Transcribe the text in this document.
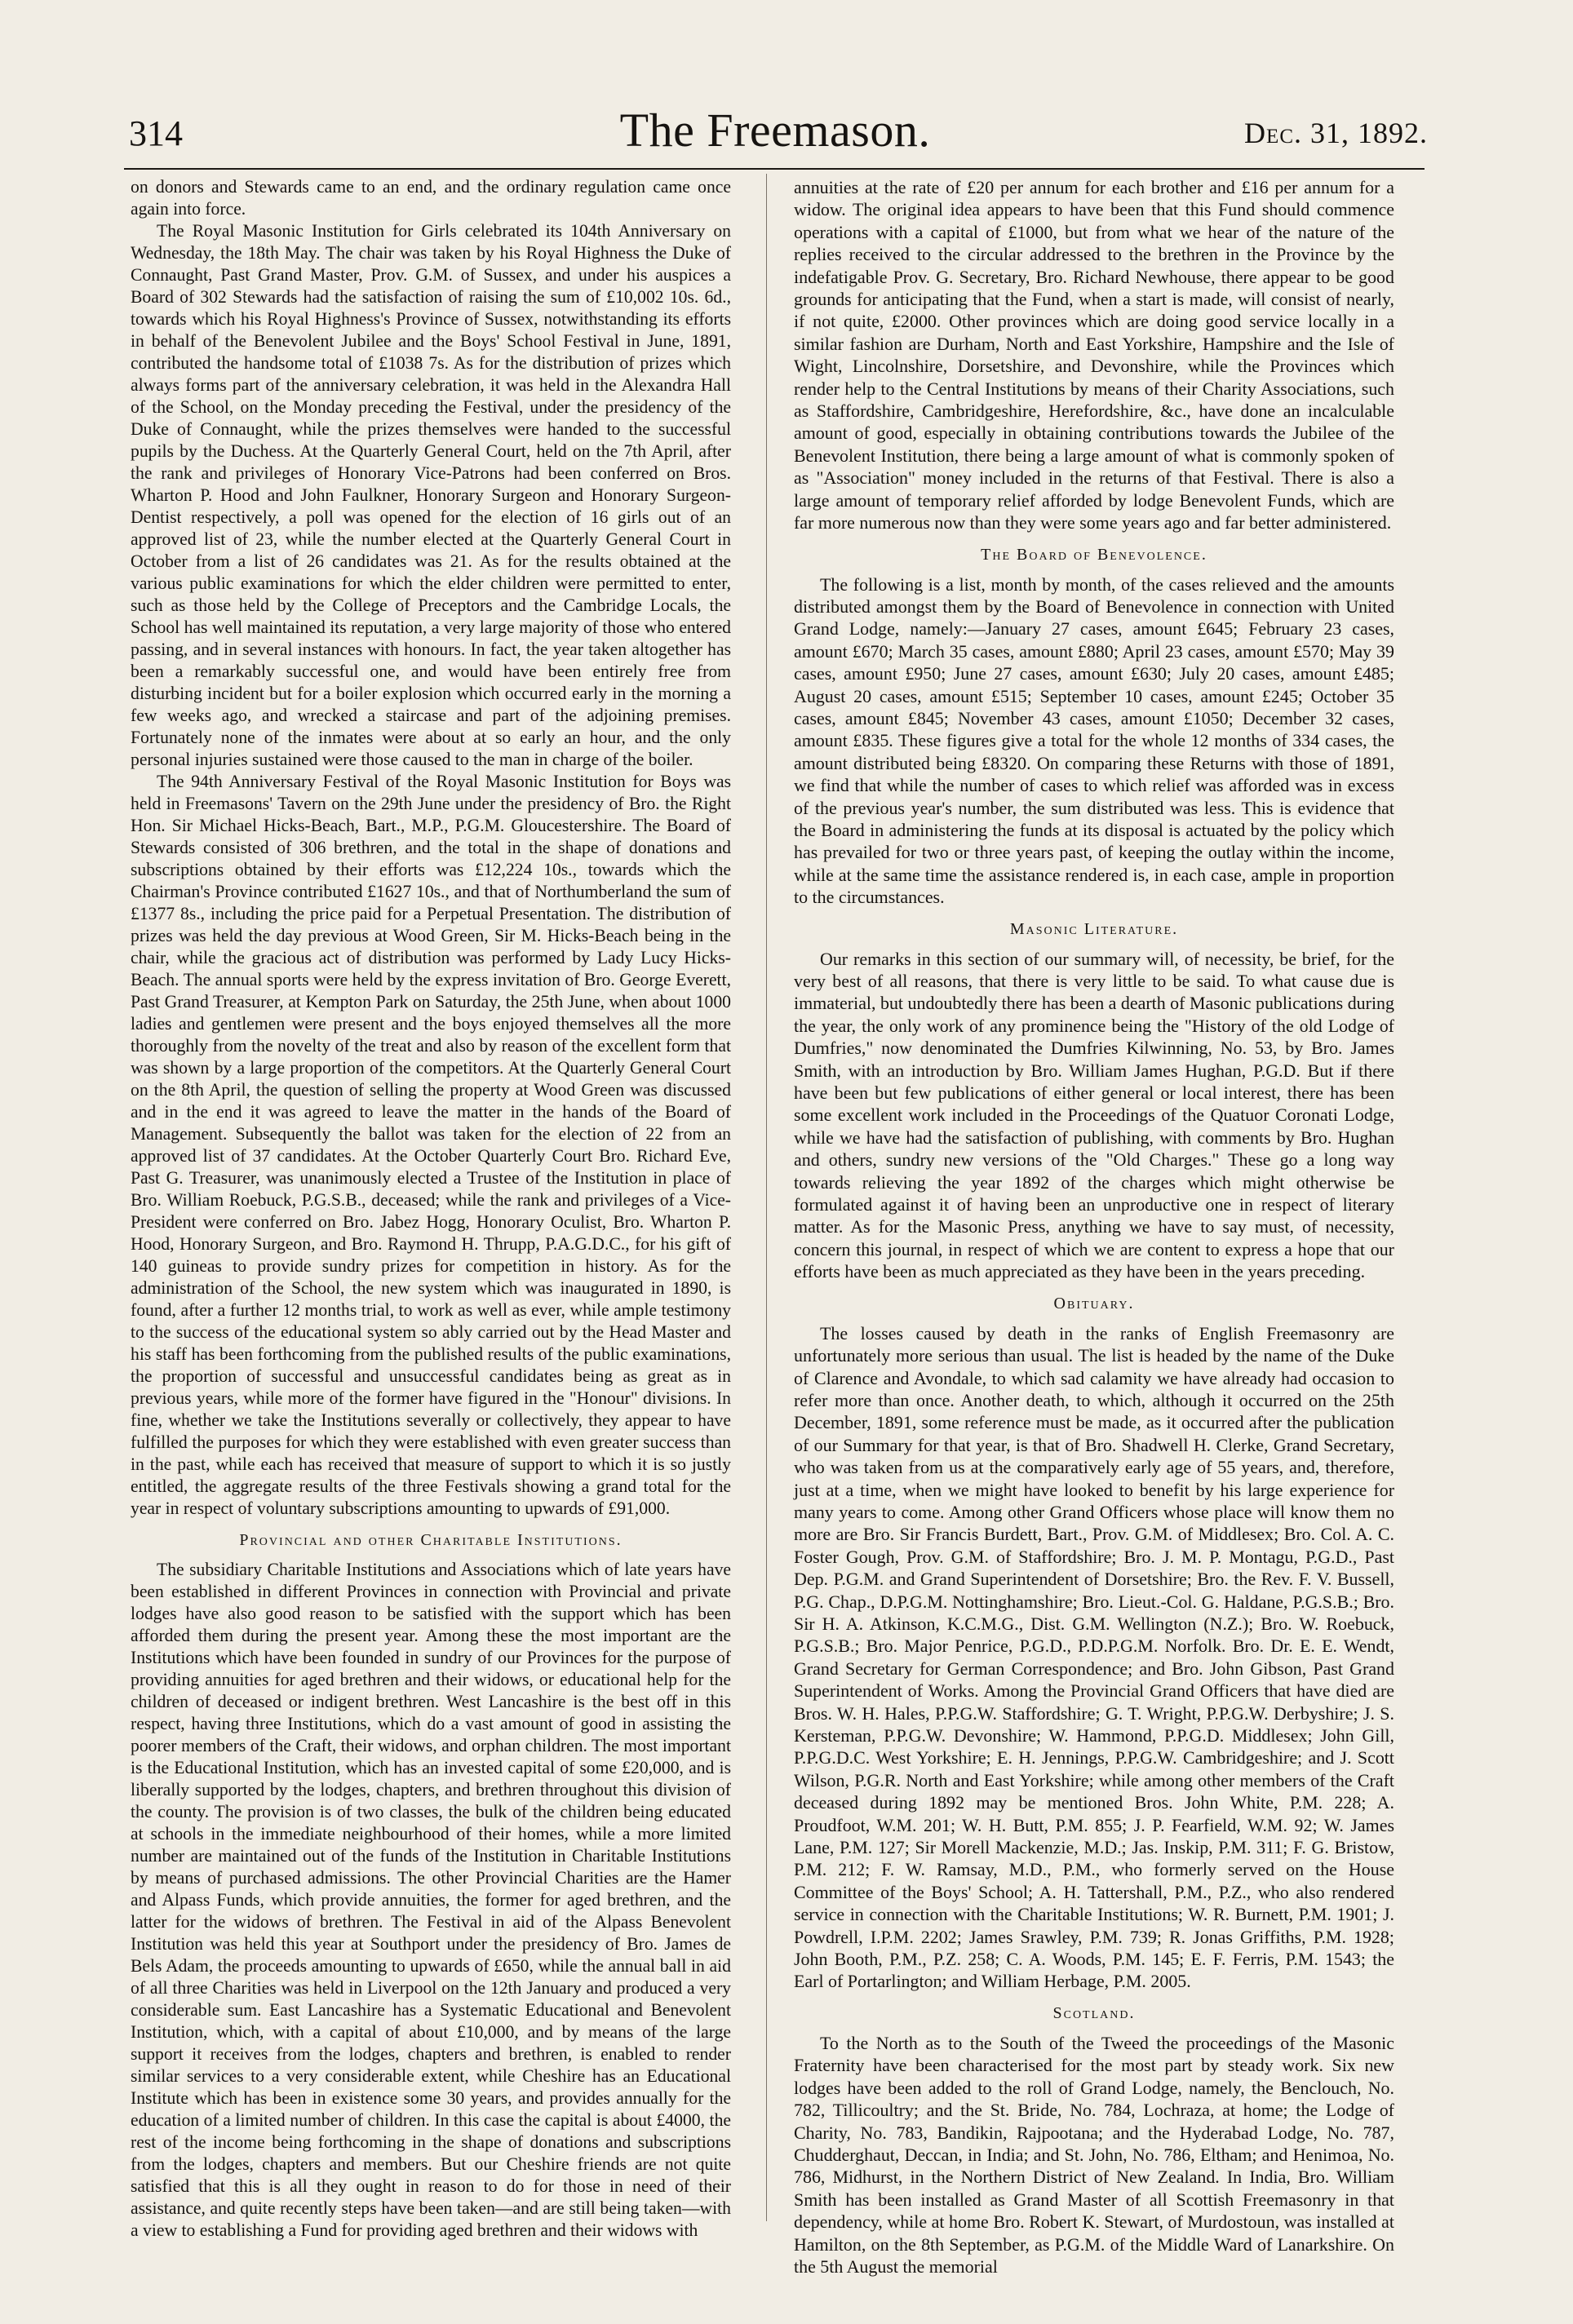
314	The Freemason.	Dec. 31, 1892.

on donors and Stewards came to an end, and the ordinary regulation came once again into force.

The Royal Masonic Institution for Girls celebrated its 104th Anniversary on Wednesday, the 18th May. The chair was taken by his Royal Highness the Duke of Connaught, Past Grand Master, Prov. G.M. of Sussex, and under his auspices a Board of 302 Stewards had the satisfaction of raising the sum of £10,002 10s. 6d., towards which his Royal Highness's Province of Sussex, notwithstanding its efforts in behalf of the Benevolent Jubilee and the Boys' School Festival in June, 1891, contributed the handsome total of £1038 7s. As for the distribution of prizes which always forms part of the anniversary celebration, it was held in the Alexandra Hall of the School, on the Monday preceding the Festival, under the presidency of the Duke of Connaught, while the prizes themselves were handed to the successful pupils by the Duchess. At the Quarterly General Court, held on the 7th April, after the rank and privileges of Honorary Vice-Patrons had been conferred on Bros. Wharton P. Hood and John Faulkner, Honorary Surgeon and Honorary Surgeon-Dentist respectively, a poll was opened for the election of 16 girls out of an approved list of 23, while the number elected at the Quarterly General Court in October from a list of 26 candidates was 21. As for the results obtained at the various public examinations for which the elder children were permitted to enter, such as those held by the College of Preceptors and the Cambridge Locals, the School has well maintained its reputation, a very large majority of those who entered passing, and in several instances with honours. In fact, the year taken altogether has been a remarkably successful one, and would have been entirely free from disturbing incident but for a boiler explosion which occurred early in the morning a few weeks ago, and wrecked a staircase and part of the adjoining premises. Fortunately none of the inmates were about at so early an hour, and the only personal injuries sustained were those caused to the man in charge of the boiler.

The 94th Anniversary Festival of the Royal Masonic Institution for Boys was held in Freemasons' Tavern on the 29th June under the presidency of Bro. the Right Hon. Sir Michael Hicks-Beach, Bart., M.P., P.G.M. Gloucestershire. The Board of Stewards consisted of 306 brethren, and the total in the shape of donations and subscriptions obtained by their efforts was £12,224 10s., towards which the Chairman's Province contributed £1627 10s., and that of Northumberland the sum of £1377 8s., including the price paid for a Perpetual Presentation. The distribution of prizes was held the day previous at Wood Green, Sir M. Hicks-Beach being in the chair, while the gracious act of distribution was performed by Lady Lucy Hicks-Beach. The annual sports were held by the express invitation of Bro. George Everett, Past Grand Treasurer, at Kempton Park on Saturday, the 25th June, when about 1000 ladies and gentlemen were present and the boys enjoyed themselves all the more thoroughly from the novelty of the treat and also by reason of the excellent form that was shown by a large proportion of the competitors. At the Quarterly General Court on the 8th April, the question of selling the property at Wood Green was discussed and in the end it was agreed to leave the matter in the hands of the Board of Management. Subsequently the ballot was taken for the election of 22 from an approved list of 37 candidates. At the October Quarterly Court Bro. Richard Eve, Past G. Treasurer, was unanimously elected a Trustee of the Institution in place of Bro. William Roebuck, P.G.S.B., deceased; while the rank and privileges of a Vice-President were conferred on Bro. Jabez Hogg, Honorary Oculist, Bro. Wharton P. Hood, Honorary Surgeon, and Bro. Raymond H. Thrupp, P.A.G.D.C., for his gift of 140 guineas to provide sundry prizes for competition in history. As for the administration of the School, the new system which was inaugurated in 1890, is found, after a further 12 months trial, to work as well as ever, while ample testimony to the success of the educational system so ably carried out by the Head Master and his staff has been forthcoming from the published results of the public examinations, the proportion of successful and unsuccessful candidates being as great as in previous years, while more of the former have figured in the "Honour" divisions. In fine, whether we take the Institutions severally or collectively, they appear to have fulfilled the purposes for which they were established with even greater success than in the past, while each has received that measure of support to which it is so justly entitled, the aggregate results of the three Festivals showing a grand total for the year in respect of voluntary subscriptions amounting to upwards of £91,000.

Provincial and other Charitable Institutions.

The subsidiary Charitable Institutions and Associations which of late years have been established in different Provinces in connection with Provincial and private lodges have also good reason to be satisfied with the support which has been afforded them during the present year. Among these the most important are the Institutions which have been founded in sundry of our Provinces for the purpose of providing annuities for aged brethren and their widows, or educational help for the children of deceased or indigent brethren. West Lancashire is the best off in this respect, having three Institutions, which do a vast amount of good in assisting the poorer members of the Craft, their widows, and orphan children. The most important is the Educational Institution, which has an invested capital of some £20,000, and is liberally supported by the lodges, chapters, and brethren throughout this division of the county. The provision is of two classes, the bulk of the children being educated at schools in the immediate neighbourhood of their homes, while a more limited number are maintained out of the funds of the Institution in Charitable Institutions by means of purchased admissions. The other Provincial Charities are the Hamer and Alpass Funds, which provide annuities, the former for aged brethren, and the latter for the widows of brethren. The Festival in aid of the Alpass Benevolent Institution was held this year at Southport under the presidency of Bro. James de Bels Adam, the proceeds amounting to upwards of £650, while the annual ball in aid of all three Charities was held in Liverpool on the 12th January and produced a very considerable sum. East Lancashire has a Systematic Educational and Benevolent Institution, which, with a capital of about £10,000, and by means of the large support it receives from the lodges, chapters and brethren, is enabled to render similar services to a very considerable extent, while Cheshire has an Educational Institute which has been in existence some 30 years, and provides annually for the education of a limited number of children. In this case the capital is about £4000, the rest of the income being forthcoming in the shape of donations and subscriptions from the lodges, chapters and members. But our Cheshire friends are not quite satisfied that this is all they ought in reason to do for those in need of their assistance, and quite recently steps have been taken—and are still being taken—with a view to establishing a Fund for providing aged brethren and their widows with

annuities at the rate of £20 per annum for each brother and £16 per annum for a widow. The original idea appears to have been that this Fund should commence operations with a capital of £1000, but from what we hear of the nature of the replies received to the circular addressed to the brethren in the Province by the indefatigable Prov. G. Secretary, Bro. Richard Newhouse, there appear to be good grounds for anticipating that the Fund, when a start is made, will consist of nearly, if not quite, £2000. Other provinces which are doing good service locally in a similar fashion are Durham, North and East Yorkshire, Hampshire and the Isle of Wight, Lincolnshire, Dorsetshire, and Devonshire, while the Provinces which render help to the Central Institutions by means of their Charity Associations, such as Staffordshire, Cambridgeshire, Herefordshire, &c., have done an incalculable amount of good, especially in obtaining contributions towards the Jubilee of the Benevolent Institution, there being a large amount of what is commonly spoken of as "Association" money included in the returns of that Festival. There is also a large amount of temporary relief afforded by lodge Benevolent Funds, which are far more numerous now than they were some years ago and far better administered.

The Board of Benevolence.

The following is a list, month by month, of the cases relieved and the amounts distributed amongst them by the Board of Benevolence in connection with United Grand Lodge, namely:—January 27 cases, amount £645; February 23 cases, amount £670; March 35 cases, amount £880; April 23 cases, amount £570; May 39 cases, amount £950; June 27 cases, amount £630; July 20 cases, amount £485; August 20 cases, amount £515; September 10 cases, amount £245; October 35 cases, amount £845; November 43 cases, amount £1050; December 32 cases, amount £835. These figures give a total for the whole 12 months of 334 cases, the amount distributed being £8320. On comparing these Returns with those of 1891, we find that while the number of cases to which relief was afforded was in excess of the previous year's number, the sum distributed was less. This is evidence that the Board in administering the funds at its disposal is actuated by the policy which has prevailed for two or three years past, of keeping the outlay within the income, while at the same time the assistance rendered is, in each case, ample in proportion to the circumstances.

Masonic Literature.

Our remarks in this section of our summary will, of necessity, be brief, for the very best of all reasons, that there is very little to be said. To what cause due is immaterial, but undoubtedly there has been a dearth of Masonic publications during the year, the only work of any prominence being the "History of the old Lodge of Dumfries," now denominated the Dumfries Kilwinning, No. 53, by Bro. James Smith, with an introduction by Bro. William James Hughan, P.G.D. But if there have been but few publications of either general or local interest, there has been some excellent work included in the Proceedings of the Quatuor Coronati Lodge, while we have had the satisfaction of publishing, with comments by Bro. Hughan and others, sundry new versions of the "Old Charges." These go a long way towards relieving the year 1892 of the charges which might otherwise be formulated against it of having been an unproductive one in respect of literary matter. As for the Masonic Press, anything we have to say must, of necessity, concern this journal, in respect of which we are content to express a hope that our efforts have been as much appreciated as they have been in the years preceding.

Obituary.

The losses caused by death in the ranks of English Freemasonry are unfortunately more serious than usual. The list is headed by the name of the Duke of Clarence and Avondale, to which sad calamity we have already had occasion to refer more than once. Another death, to which, although it occurred on the 25th December, 1891, some reference must be made, as it occurred after the publication of our Summary for that year, is that of Bro. Shadwell H. Clerke, Grand Secretary, who was taken from us at the comparatively early age of 55 years, and, therefore, just at a time, when we might have looked to benefit by his large experience for many years to come. Among other Grand Officers whose place will know them no more are Bro. Sir Francis Burdett, Bart., Prov. G.M. of Middlesex; Bro. Col. A. C. Foster Gough, Prov. G.M. of Staffordshire; Bro. J. M. P. Montagu, P.G.D., Past Dep. P.G.M. and Grand Superintendent of Dorsetshire; Bro. the Rev. F. V. Bussell, P.G. Chap., D.P.G.M. Nottinghamshire; Bro. Lieut.-Col. G. Haldane, P.G.S.B.; Bro. Sir H. A. Atkinson, K.C.M.G., Dist. G.M. Wellington (N.Z.); Bro. W. Roebuck, P.G.S.B.; Bro. Major Penrice, P.G.D., P.D.P.G.M. Norfolk. Bro. Dr. E. E. Wendt, Grand Secretary for German Correspondence; and Bro. John Gibson, Past Grand Superintendent of Works. Among the Provincial Grand Officers that have died are Bros. W. H. Hales, P.P.G.W. Staffordshire; G. T. Wright, P.P.G.W. Derbyshire; J. S. Kersteman, P.P.G.W. Devonshire; W. Hammond, P.P.G.D. Middlesex; John Gill, P.P.G.D.C. West Yorkshire; E. H. Jennings, P.P.G.W. Cambridgeshire; and J. Scott Wilson, P.G.R. North and East Yorkshire; while among other members of the Craft deceased during 1892 may be mentioned Bros. John White, P.M. 228; A. Proudfoot, W.M. 201; W. H. Butt, P.M. 855; J. P. Fearfield, W.M. 92; W. James Lane, P.M. 127; Sir Morell Mackenzie, M.D.; Jas. Inskip, P.M. 311; F. G. Bristow, P.M. 212; F. W. Ramsay, M.D., P.M., who formerly served on the House Committee of the Boys' School; A. H. Tattershall, P.M., P.Z., who also rendered service in connection with the Charitable Institutions; W. R. Burnett, P.M. 1901; J. Powdrell, I.P.M. 2202; James Srawley, P.M. 739; R. Jonas Griffiths, P.M. 1928; John Booth, P.M., P.Z. 258; C. A. Woods, P.M. 145; E. F. Ferris, P.M. 1543; the Earl of Portarlington; and William Herbage, P.M. 2005.

Scotland.

To the North as to the South of the Tweed the proceedings of the Masonic Fraternity have been characterised for the most part by steady work. Six new lodges have been added to the roll of Grand Lodge, namely, the Benclouch, No. 782, Tillicoultry; and the St. Bride, No. 784, Lochraza, at home; the Lodge of Charity, No. 783, Bandikin, Rajpootana; and the Hyderabad Lodge, No. 787, Chudderghaut, Deccan, in India; and St. John, No. 786, Eltham; and Henimoa, No. 786, Midhurst, in the Northern District of New Zealand. In India, Bro. William Smith has been installed as Grand Master of all Scottish Freemasonry in that dependency, while at home Bro. Robert K. Stewart, of Murdostoun, was installed at Hamilton, on the 8th September, as P.G.M. of the Middle Ward of Lanarkshire. On the 5th August the memorial
